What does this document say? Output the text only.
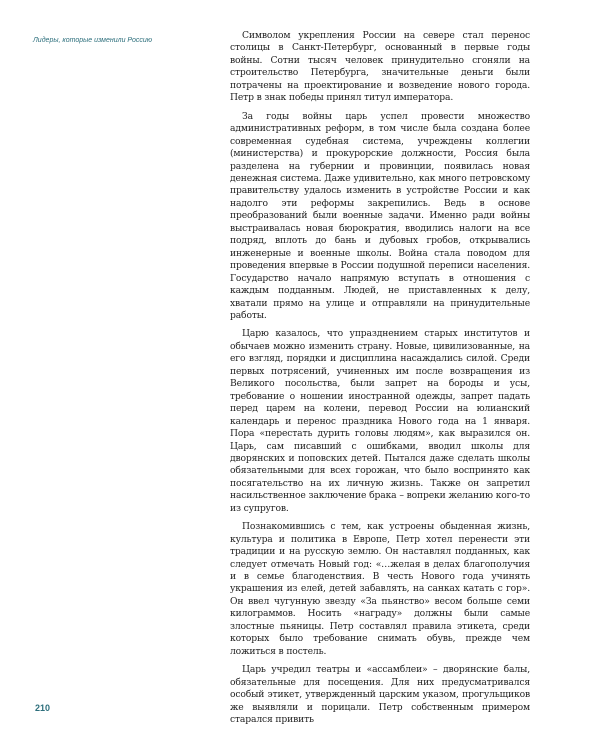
Лидеры, которые изменили Россию	Символом укрепления России на севере стал перенос столицы в Санкт-Петербург, основанный в первые годы войны. Сотни тысяч человек принудительно сгоняли на строительство Петербурга, значительные деньги были потрачены на проектирование и возведение нового города. Петр в знак победы принял титул императора.

За годы войны царь успел провести множество административных реформ, в том числе была создана более современная судебная система, учреждены коллегии (министерства) и прокурорские должности, Россия была разделена на губернии и провинции, появилась новая денежная система. Даже удивительно, как много петровскому правительству удалось изменить в устройстве России и как надолго эти реформы закрепились. Ведь в основе преобразований были военные задачи. Именно ради войны выстраивалась новая бюрократия, вводились налоги на все подряд, вплоть до бань и дубовых гробов, открывались инженерные и военные школы. Война стала поводом для проведения впервые в России подушной переписи населения. Государство начало напрямую вступать в отношения с каждым подданным. Людей, не приставленных к делу, хватали прямо на улице и отправляли на принудительные работы.

Царю казалось, что упразднением старых институтов и обычаев можно изменить страну. Новые, цивилизованные, на его взгляд, порядки и дисциплина насаждались силой. Среди первых потрясений, учиненных им после возвращения из Великого посольства, были запрет на бороды и усы, требование о ношении иностранной одежды, запрет падать перед царем на колени, перевод России на юлианский календарь и перенос праздника Нового года на 1 января. Пора «перестать дурить головы людям», как выразился он. Царь, сам писавший с ошибками, вводил школы для дворянских и поповских детей. Пытался даже сделать школы обязательными для всех горожан, что было воспринято как посягательство на их личную жизнь. Также он запретил насильственное заключение брака – вопреки желанию кого-то из супругов.

Познакомившись с тем, как устроены обыденная жизнь, культура и политика в Европе, Петр хотел перенести эти традиции и на русскую землю. Он наставлял подданных, как следует отмечать Новый год: «…желая в делах благополучия и в семье благоденствия. В честь Нового года учинять украшения из елей, детей забавлять, на санках катать с гор». Он ввел чугунную звезду «За пьянство» весом больше семи килограммов. Носить «награду» должны были самые злостные пьяницы. Петр составлял правила этикета, среди которых было требование снимать обувь, прежде чем ложиться в постель.

Царь учредил театры и «ассамблеи» – дворянские балы, обязательные для посещения. Для них предусматривался особый этикет, утвержденный царским указом, прогульщиков же выявляли и порицали. Петр собственным примером старался привить

210
